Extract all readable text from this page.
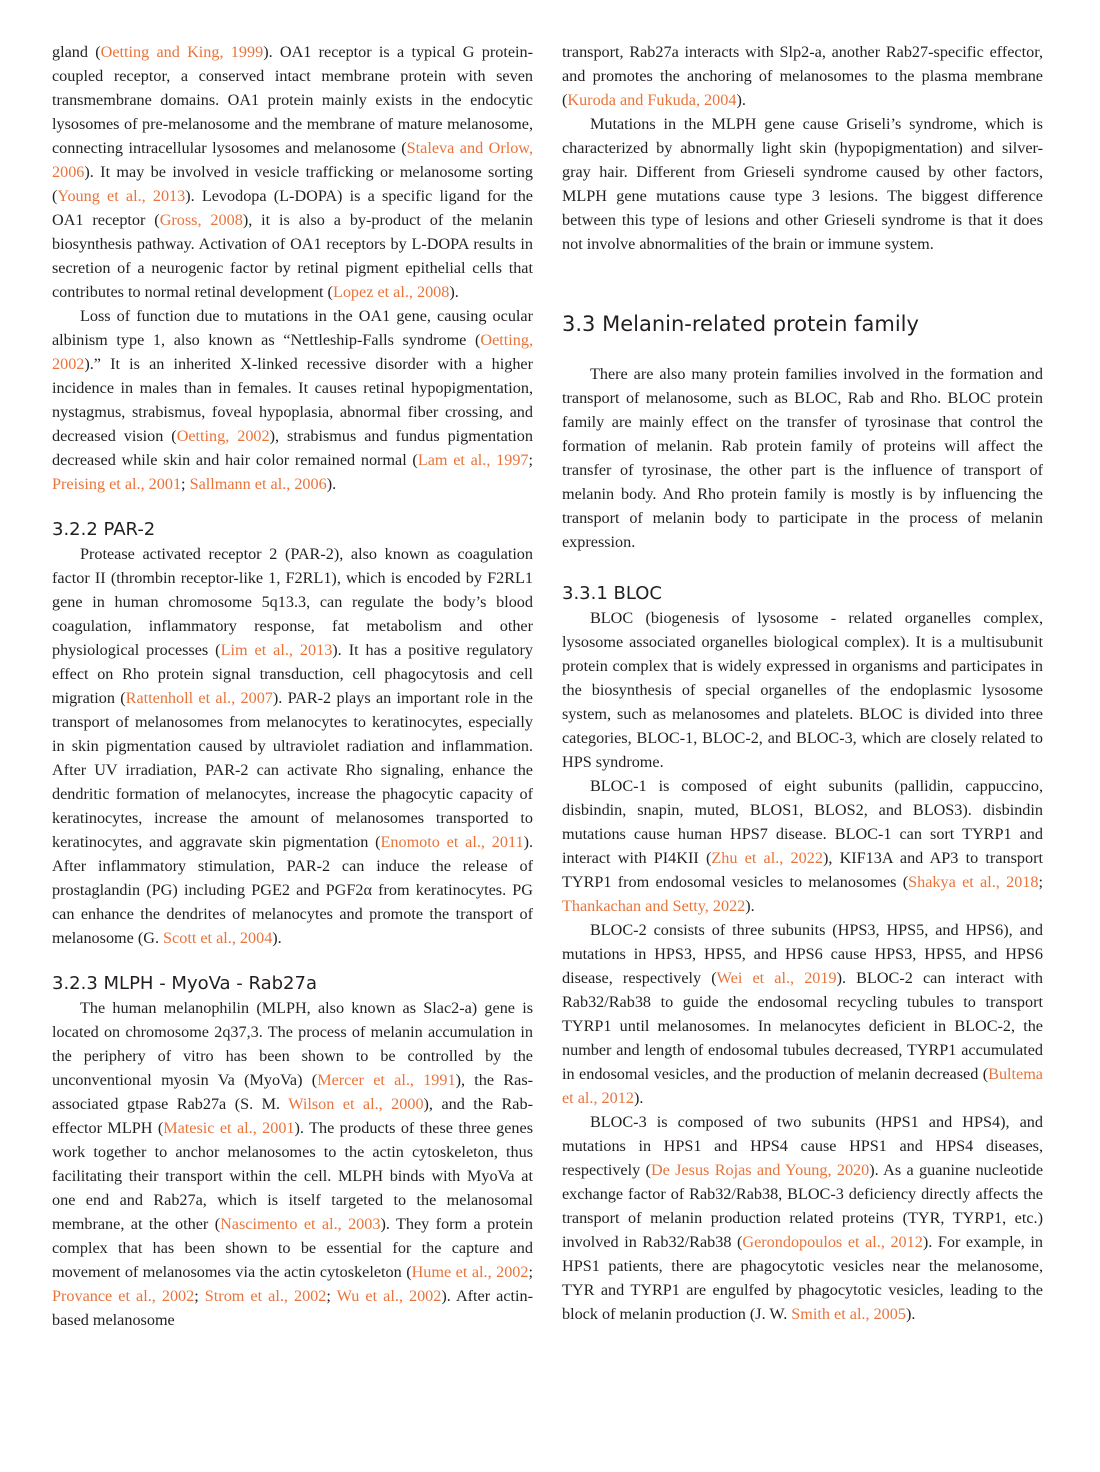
gland (Oetting and King, 1999). OA1 receptor is a typical G protein-coupled receptor, a conserved intact membrane protein with seven transmembrane domains. OA1 protein mainly exists in the endocytic lysosomes of pre-melanosome and the membrane of mature melanosome, connecting intracellular lysosomes and melanosome (Staleva and Orlow, 2006). It may be involved in vesicle trafficking or melanosome sorting (Young et al., 2013). Levodopa (L-DOPA) is a specific ligand for the OA1 receptor (Gross, 2008), it is also a by-product of the melanin biosynthesis pathway. Activation of OA1 receptors by L-DOPA results in secretion of a neurogenic factor by retinal pigment epithelial cells that contributes to normal retinal development (Lopez et al., 2008).

Loss of function due to mutations in the OA1 gene, causing ocular albinism type 1, also known as “Nettleship-Falls syndrome (Oetting, 2002).” It is an inherited X-linked recessive disorder with a higher incidence in males than in females. It causes retinal hypopigmentation, nystagmus, strabismus, foveal hypoplasia, abnormal fiber crossing, and decreased vision (Oetting, 2002), strabismus and fundus pigmentation decreased while skin and hair color remained normal (Lam et al., 1997; Preising et al., 2001; Sallmann et al., 2006).

3.2.2 PAR-2

Protease activated receptor 2 (PAR-2), also known as coagulation factor II (thrombin receptor-like 1, F2RL1), which is encoded by F2RL1 gene in human chromosome 5q13.3, can regulate the body’s blood coagulation, inflammatory response, fat metabolism and other physiological processes (Lim et al., 2013). It has a positive regulatory effect on Rho protein signal transduction, cell phagocytosis and cell migration (Rattenholl et al., 2007). PAR-2 plays an important role in the transport of melanosomes from melanocytes to keratinocytes, especially in skin pigmentation caused by ultraviolet radiation and inflammation. After UV irradiation, PAR-2 can activate Rho signaling, enhance the dendritic formation of melanocytes, increase the phagocytic capacity of keratinocytes, increase the amount of melanosomes transported to keratinocytes, and aggravate skin pigmentation (Enomoto et al., 2011). After inflammatory stimulation, PAR-2 can induce the release of prostaglandin (PG) including PGE2 and PGF2α from keratinocytes. PG can enhance the dendrites of melanocytes and promote the transport of melanosome (G. Scott et al., 2004).

3.2.3 MLPH - MyoVa - Rab27a

The human melanophilin (MLPH, also known as Slac2-a) gene is located on chromosome 2q37,3. The process of melanin accumulation in the periphery of vitro has been shown to be controlled by the unconventional myosin Va (MyoVa) (Mercer et al., 1991), the Ras-associated gtpase Rab27a (S. M. Wilson et al., 2000), and the Rab-effector MLPH (Matesic et al., 2001). The products of these three genes work together to anchor melanosomes to the actin cytoskeleton, thus facilitating their transport within the cell. MLPH binds with MyoVa at one end and Rab27a, which is itself targeted to the melanosomal membrane, at the other (Nascimento et al., 2003). They form a protein complex that has been shown to be essential for the capture and movement of melanosomes via the actin cytoskeleton (Hume et al., 2002; Provance et al., 2002; Strom et al., 2002; Wu et al., 2002). After actin-based melanosome

transport, Rab27a interacts with Slp2-a, another Rab27-specific effector, and promotes the anchoring of melanosomes to the plasma membrane (Kuroda and Fukuda, 2004).

Mutations in the MLPH gene cause Griseli’s syndrome, which is characterized by abnormally light skin (hypopigmentation) and silver-gray hair. Different from Grieseli syndrome caused by other factors, MLPH gene mutations cause type 3 lesions. The biggest difference between this type of lesions and other Grieseli syndrome is that it does not involve abnormalities of the brain or immune system.

3.3 Melanin-related protein family

There are also many protein families involved in the formation and transport of melanosome, such as BLOC, Rab and Rho. BLOC protein family are mainly effect on the transfer of tyrosinase that control the formation of melanin. Rab protein family of proteins will affect the transfer of tyrosinase, the other part is the influence of transport of melanin body. And Rho protein family is mostly is by influencing the transport of melanin body to participate in the process of melanin expression.

3.3.1 BLOC

BLOC (biogenesis of lysosome - related organelles complex, lysosome associated organelles biological complex). It is a multisubunit protein complex that is widely expressed in organisms and participates in the biosynthesis of special organelles of the endoplasmic lysosome system, such as melanosomes and platelets. BLOC is divided into three categories, BLOC-1, BLOC-2, and BLOC-3, which are closely related to HPS syndrome.

BLOC-1 is composed of eight subunits (pallidin, cappuccino, disbindin, snapin, muted, BLOS1, BLOS2, and BLOS3). disbindin mutations cause human HPS7 disease. BLOC-1 can sort TYRP1 and interact with PI4KII (Zhu et al., 2022), KIF13A and AP3 to transport TYRP1 from endosomal vesicles to melanosomes (Shakya et al., 2018; Thankachan and Setty, 2022).

BLOC-2 consists of three subunits (HPS3, HPS5, and HPS6), and mutations in HPS3, HPS5, and HPS6 cause HPS3, HPS5, and HPS6 disease, respectively (Wei et al., 2019). BLOC-2 can interact with Rab32/Rab38 to guide the endosomal recycling tubules to transport TYRP1 until melanosomes. In melanocytes deficient in BLOC-2, the number and length of endosomal tubules decreased, TYRP1 accumulated in endosomal vesicles, and the production of melanin decreased (Bultema et al., 2012).

BLOC-3 is composed of two subunits (HPS1 and HPS4), and mutations in HPS1 and HPS4 cause HPS1 and HPS4 diseases, respectively (De Jesus Rojas and Young, 2020). As a guanine nucleotide exchange factor of Rab32/Rab38, BLOC-3 deficiency directly affects the transport of melanin production related proteins (TYR, TYRP1, etc.) involved in Rab32/Rab38 (Gerondopoulos et al., 2012). For example, in HPS1 patients, there are phagocytotic vesicles near the melanosome, TYR and TYRP1 are engulfed by phagocytotic vesicles, leading to the block of melanin production (J. W. Smith et al., 2005).
